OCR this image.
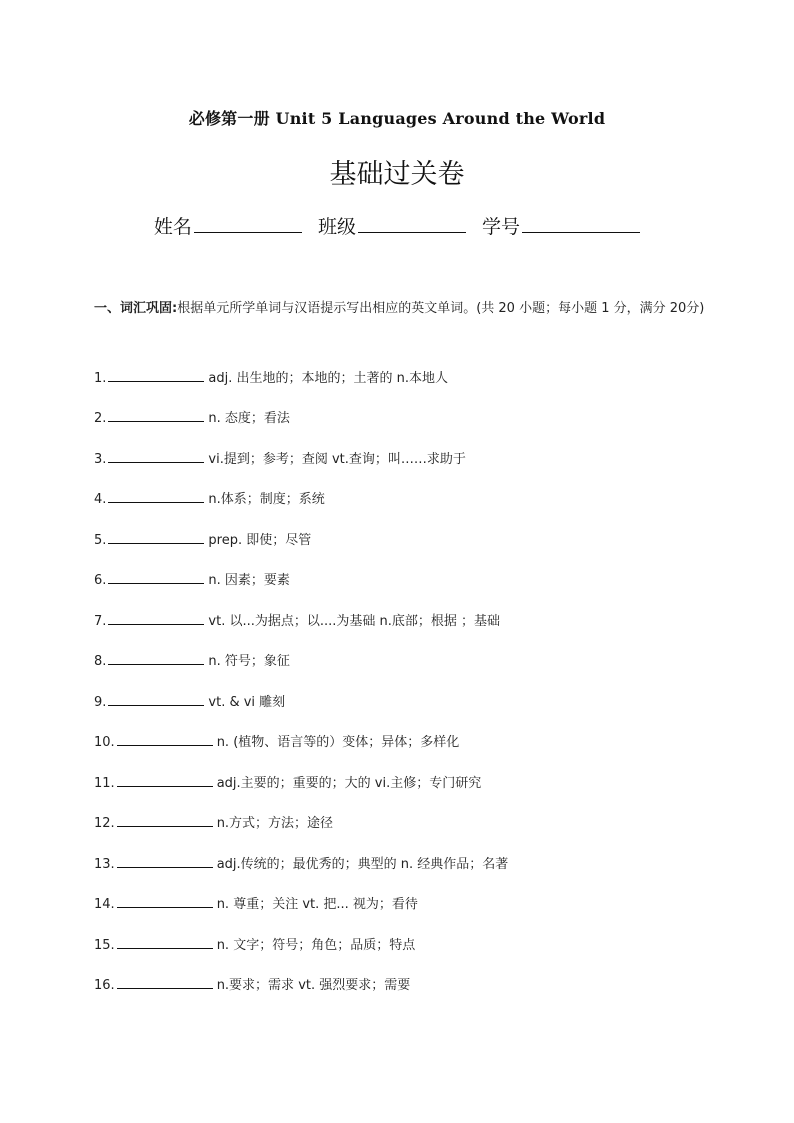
必修第一册 Unit 5 Languages Around the World
基础过关卷
姓名	班级	学号
一、词汇巩固:根据单元所学单词与汉语提示写出相应的英文单词。(共 20 小题；每小题 1 分，满分 20分)
1.	adj. 出生地的；本地的；土著的 n.本地人
2.	n. 态度；看法
3.	vi.提到；参考；查阅 vt.查询；叫……求助于
4.	n.体系；制度；系统
5.	prep. 即使；尽管
6.	n. 因素；要素
7.	vt. 以...为据点；以....为基础 n.底部；根据 ；基础
8.	n. 符号；象征
9.	vt. & vi 雕刻
10.	n. (植物、语言等的）变体；异体；多样化
11.	adj.主要的；重要的；大的 vi.主修；专门研究
12.	n.方式；方法；途径
13.	adj.传统的；最优秀的；典型的 n. 经典作品；名著
14.	n. 尊重；关注 vt. 把... 视为；看待
15.	n. 文字；符号；角色；品质；特点
16.	n.要求；需求 vt. 强烈要求；需要
